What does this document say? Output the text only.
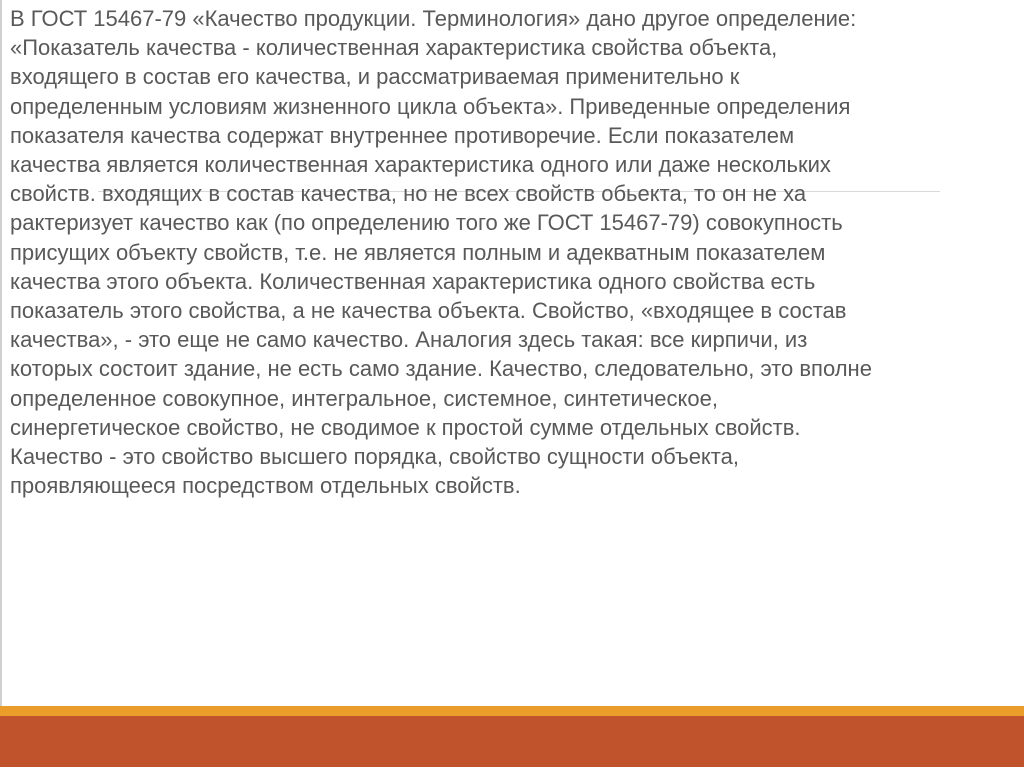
В ГОСТ 15467-79 «Качество продукции. Терминология» дано другое определение:
«Показатель качества - количественная характеристика свойства объекта,
входящего в состав его качества, и рассматриваемая применительно к
определенным условиям жизненного цикла объекта». Приведенные определения
показателя качества содержат внутреннее противоречие. Если показателем
качества является количественная характеристика одного или даже нескольких
свойств. входящих в состав качества, но не всех свойств обьекта, то он не ха
рактеризует качество как (по определению того же ГОСТ 15467-79) совокупность
присущих объекту свойств, т.е. не является полным и адекватным показателем
качества этого объекта. Количественная характеристика одного свойства есть
показатель этого свойства, а не качества объекта. Свойство, «входящее в состав
качества», - это еще не само качество. Аналогия здесь такая: все кирпичи, из
которых состоит здание, не есть само здание. Качество, следовательно, это вполне
определенное совокупное, интегральное, системное, синтетическое,
синергетическое свойство, не сводимое к простой сумме отдельных свойств.
Качество - это свойство высшего порядка, свойство сущности объекта,
проявляющееся посредством отдельных свойств.
